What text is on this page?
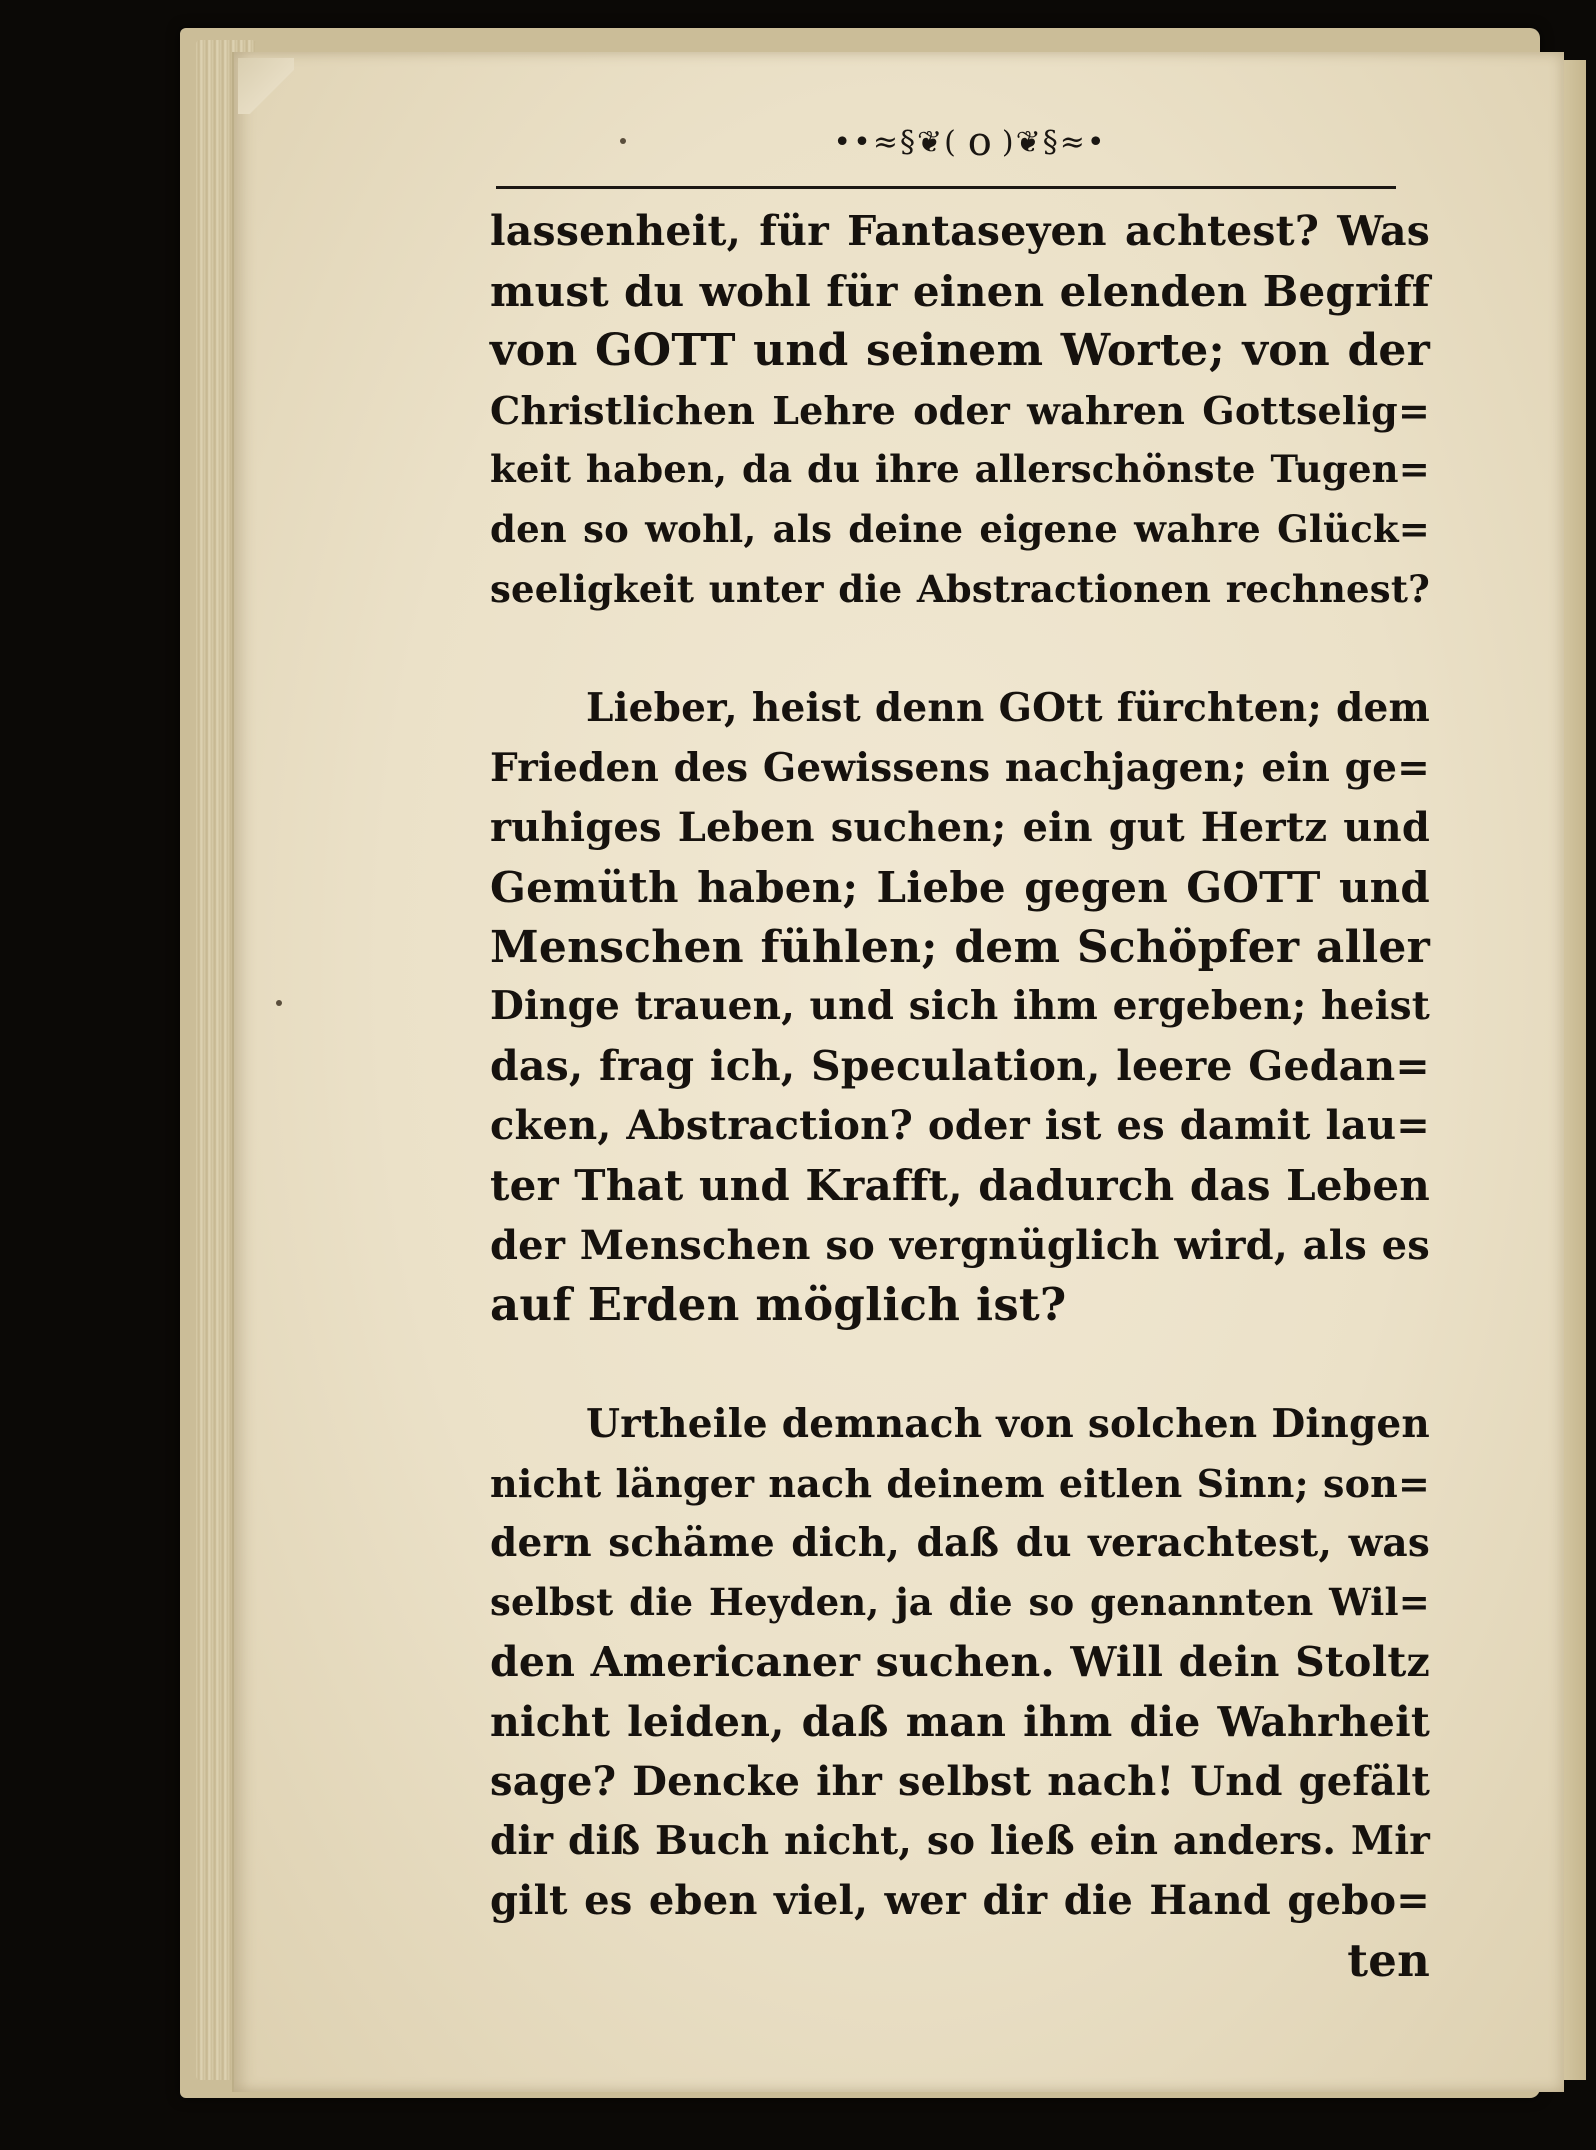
••≈§❦( o )❦§≈•
lassenheit, für Fantaseyen achtest? Was
must du wohl für einen elenden Begriff
von GOTT und seinem Worte; von der
Christlichen Lehre oder wahren Gottselig=
keit haben, da du ihre allerschönste Tugen=
den so wohl, als deine eigene wahre Glück=
seeligkeit unter die Abstractionen rechnest?
Lieber, heist denn GOtt fürchten; dem
Frieden des Gewissens nachjagen; ein ge=
ruhiges Leben suchen; ein gut Hertz und
Gemüth haben; Liebe gegen GOTT und
Menschen fühlen; dem Schöpfer aller
Dinge trauen, und sich ihm ergeben; heist
das, frag ich, Speculation, leere Gedan=
cken, Abstraction? oder ist es damit lau=
ter That und Krafft, dadurch das Leben
der Menschen so vergnüglich wird, als es
auf Erden möglich ist?
Urtheile demnach von solchen Dingen
nicht länger nach deinem eitlen Sinn; son=
dern schäme dich, daß du verachtest, was
selbst die Heyden, ja die so genannten Wil=
den Americaner suchen. Will dein Stoltz
nicht leiden, daß man ihm die Wahrheit
sage? Dencke ihr selbst nach! Und gefält
dir diß Buch nicht, so ließ ein anders. Mir
gilt es eben viel, wer dir die Hand gebo=
ten
